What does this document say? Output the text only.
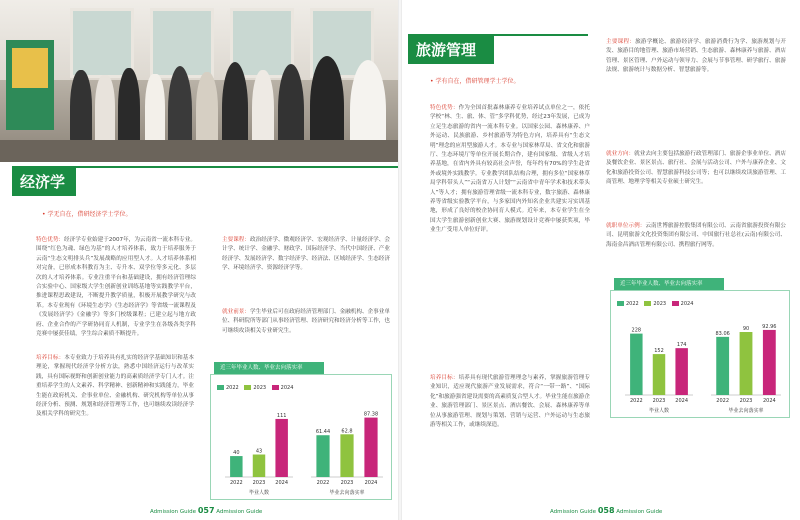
经济学
• 学无自在，借研经济学士学位。
特色优势：经济学专业始建于2007年，为云南省一流本科专业。围绕“红色为魂、绿色为基”的人才培养体系，致力于培养服务于云南“生态文明排头兵”发展战略的应用型人才。人才培养体系相对完备，已形成本科教育为主、专升本、双学位等多元化、多层次的人才培养体系。专业注重平台和基础建设，拥有经济管理综合实验中心、国家级大学生创新创业训练基地等实践教学平台，推进课程思政建设，不断提升教学质量，积极开展教学研究与改革。本专业现有《环境生态学》《生态经济学》等省级一流课程及《发展经济学》《金融学》等多门校级课程；已建立起与地方政府、企业合作的产学研协同育人机制，专业学生在各级各类学科竞赛中屡获佳绩，学生综合素质不断提升。
主要课程：政治经济学、微观经济学、宏观经济学、计量经济学、会计学、统计学、金融学、财政学、国际经济学、当代中国经济、产业经济学、发展经济学、数字经济学、经济法、区域经济学、生态经济学、环境经济学、资源经济学等。
就业前景：学生毕业后可在政府经济管理部门、金融机构、企事业单位、科研院所等部门从事经济管理、经济研究和经济分析等工作，也可继续攻读相关专业研究生。
培养目标：本专业致力于培养具有扎实的经济学基础知识和基本理论，掌握现代经济学分析方法，熟悉中国经济运行与改革实践，具有国际视野和创新创业能力的高素质经济学专门人才。注重培养学生的人文素养、科学精神、创新精神和实践能力，毕业生能在政府机关、企事业单位、金融机构、研究机构等单位从事经济分析、预测、规划和经济管理等工作，也可继续攻读经济学及相关学科的研究生。
近三年毕业人数、毕业去向落实率
2022	2023	2024
40
2022
43
2023
111
2024
毕业人数
61.44
2022
62.8
2023
87.38
2024
毕业去向落实率
Admission Guide 057 Admission Guide
旅游管理
• 学有自在，借研管理学士学位。
特色优势：作为全国首批森林康养专业培养试点单位之一，依托学校“林、生、旅、体、管”多学科优势，经过23年发展，已成为立足生态旅游的省内一流本科专业。以国家公园、森林康养、户外运动、民族旅游、乡村旅游等为特色方向，培养具有“生态文明”理念的应用型旅游人才。本专业与国家林草局、省文化和旅游厅、生态环境厅等单位开展长期合作，建有国家级、省级人才培养基地，在省内外具有较高社会声誉，每年约有70%的学生赴省外或境外实践教学。专业教学团队结构合理，拥有多位“国家林草局学科带头人”“云南省万人计划”“云南省中青年学术和技术带头人”等人才；拥有旅游管理省级一流本科专业，数字旅游、森林康养等省级实验教学平台，与多家国内外知名企业共建实习实训基地，形成了良好的校企协同育人模式。近年来，本专业学生在全国大学生旅游创新创业大赛、旅游规划设计竞赛中屡获奖项，毕业生广受用人单位好评。
培养目标：培养具有现代旅游管理理念与素养，掌握旅游管理专业知识，适应现代旅游产业发展需求，符合“一带一路”、“国际化”和旅游强省建设需要的高素质复合型人才。毕业生能在旅游企业、旅游管理部门、景区景点、酒店餐饮、会展、森林康养等单位从事旅游管理、规划与策划、营销与运营、户外运动与生态旅游等相关工作，或继续深造。
主要课程：旅游学概论、旅游经济学、旅游消费行为学、旅游规划与开发、旅游目的地管理、旅游市场营销、生态旅游、森林康养与旅游、酒店管理、景区管理、户外运动与领导力、会展与节事管理、研学旅行、旅游法规、旅游统计与数据分析、智慧旅游等。
就业方向：就业去向主要包括旅游行政管理部门、旅游企事业单位、酒店及餐饮企业、景区景点、旅行社、会展与活动公司、户外与康养企业、文化和旅游投资公司、智慧旅游科技公司等；也可以继续攻读旅游管理、工商管理、地理学等相关专业硕士研究生。
就职单位示例：云南世博旅游控股集团有限公司、云南省旅游投资有限公司、昆明旅游文化投资集团有限公司、中国旅行社总社(云南)有限公司、海南金昌酒店管理有限公司、携程旅行网等。
近三年毕业人数、毕业去向落实率
2022	2023	2024
228
2022
152
2023
174
2024
毕业人数
83.06
2022
90
2023
92.96
2024
毕业去向落实率
Admission Guide 058 Admission Guide
